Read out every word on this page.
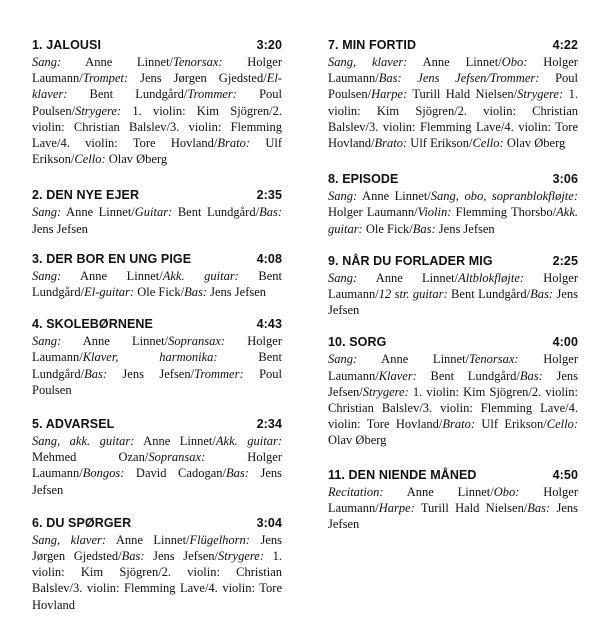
1. JALOUSI	3:20
Sang: Anne Linnet/Tenorsax: Holger Laumann/Trompet: Jens Jørgen Gjedsted/El-klaver: Bent Lundgård/Trommer: Poul Poulsen/Strygere: 1. violin: Kim Sjögren/2. violin: Christian Balslev/3. violin: Flemming Lave/4. violin: Tore Hovland/Brato: Ulf Erikson/Cello: Olav Øberg
2. DEN NYE EJER	2:35
Sang: Anne Linnet/Guitar: Bent Lundgård/Bas: Jens Jefsen
3. DER BOR EN UNG PIGE	4:08
Sang: Anne Linnet/Akk. guitar: Bent Lundgård/El-guitar: Ole Fick/Bas: Jens Jefsen
4. SKOLEBØRNENE	4:43
Sang: Anne Linnet/Sopransax: Holger Laumann/Klaver, harmonika: Bent Lundgård/Bas: Jens Jefsen/Trommer: Poul Poulsen
5. ADVARSEL	2:34
Sang, akk. guitar: Anne Linnet/Akk. guitar: Mehmed Ozan/Sopransax: Holger Laumann/Bongos: David Cadogan/Bas: Jens Jefsen
6. DU SPØRGER	3:04
Sang, klaver: Anne Linnet/Flügelhorn: Jens Jørgen Gjedsted/Bas: Jens Jefsen/Strygere: 1. violin: Kim Sjögren/2. violin: Christian Balslev/3. violin: Flemming Lave/4. violin: Tore Hovland
7. MIN FORTID	4:22
Sang, klaver: Anne Linnet/Obo: Holger Laumann/Bas: Jens Jefsen/Trommer: Poul Poulsen/Harpe: Turill Hald Nielsen/Strygere: 1. violin: Kim Sjögren/2. violin: Christian Balslev/3. violin: Flemming Lave/4. violin: Tore Hovland/Brato: Ulf Erikson/Cello: Olav Øberg
8. EPISODE	3:06
Sang: Anne Linnet/Sang, obo, sopranblokfløjte: Holger Laumann/Violin: Flemming Thorsbo/Akk. guitar: Ole Fick/Bas: Jens Jefsen
9. NÅR DU FORLADER MIG	2:25
Sang: Anne Linnet/Altblokfløjte: Holger Laumann/12 str. guitar: Bent Lundgård/Bas: Jens Jefsen
10. SORG	4:00
Sang: Anne Linnet/Tenorsax: Holger Laumann/Klaver: Bent Lundgård/Bas: Jens Jefsen/Strygere: 1. violin: Kim Sjögren/2. violin: Christian Balslev/3. violin: Flemming Lave/4. violin: Tore Hovland/Brato: Ulf Erikson/Cello: Olav Øberg
11. DEN NIENDE MÅNED	4:50
Recitation: Anne Linnet/Obo: Holger Laumann/Harpe: Turill Hald Nielsen/Bas: Jens Jefsen
